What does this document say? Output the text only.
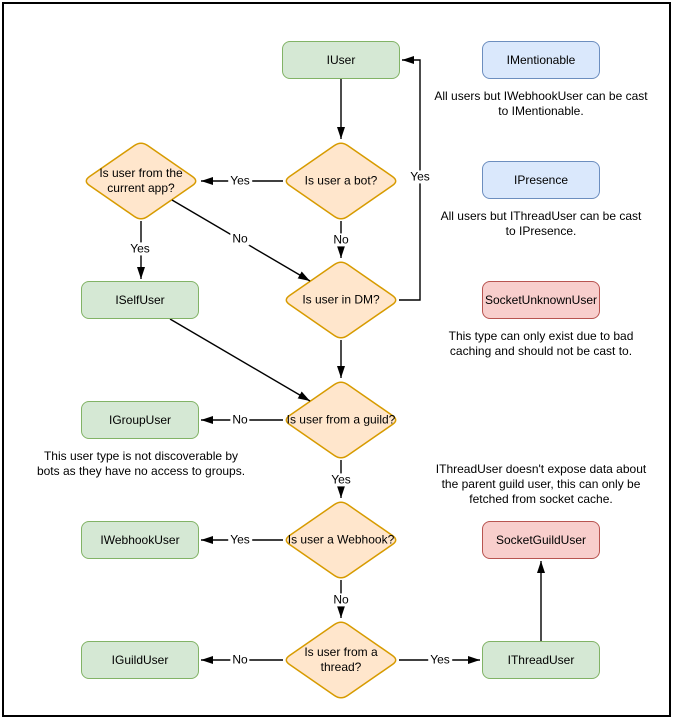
IUser	IMentionable
IPresence
SocketUnknownUser
ISelfUser
IGroupUser
IWebhookUser	SocketGuildUser
IGuildUser	IThreadUser
Is user a bot?
Is user from the current app?
Is user in DM?
Is user from a guild?
Is user a Webhook?
Is user from a thread?
Yes
No
Yes
No
Yes
No
Yes
Yes
No
No	Yes
All users but IWebhookUser can be cast to IMentionable.
All users but IThreadUser can be cast to IPresence.
This type can only exist due to bad caching and should not be cast to.
This user type is not discoverable by bots as they have no access to groups.	IThreadUser doesn't expose data about the parent guild user, this can only be fetched from socket cache.
